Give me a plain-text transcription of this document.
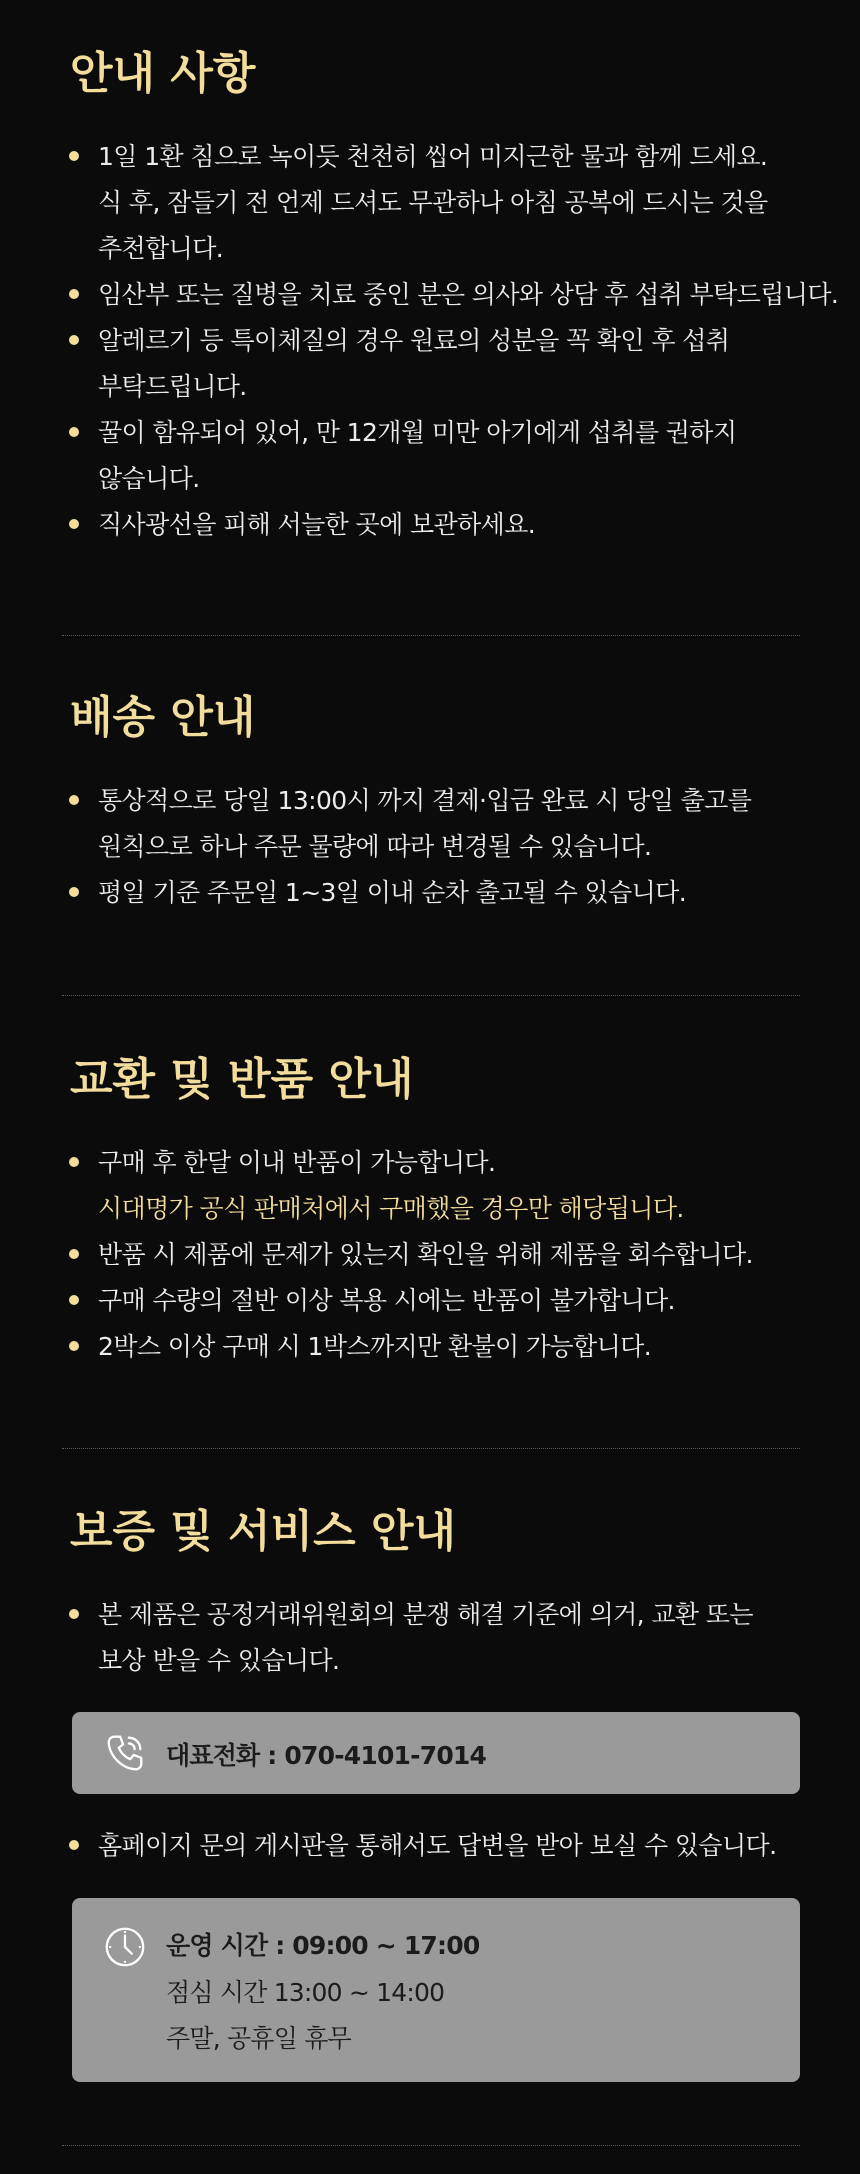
안내 사항
1일 1환 침으로 녹이듯 천천히 씹어 미지근한 물과 함께 드세요.
식 후, 잠들기 전 언제 드셔도 무관하나 아침 공복에 드시는 것을
추천합니다.
임산부 또는 질병을 치료 중인 분은 의사와 상담 후 섭취 부탁드립니다.
알레르기 등 특이체질의 경우 원료의 성분을 꼭 확인 후 섭취
부탁드립니다.
꿀이 함유되어 있어, 만 12개월 미만 아기에게 섭취를 권하지
않습니다.
직사광선을 피해 서늘한 곳에 보관하세요.
배송 안내
통상적으로 당일 13:00시 까지 결제·입금 완료 시 당일 출고를
원칙으로 하나 주문 물량에 따라 변경될 수 있습니다.
평일 기준 주문일 1~3일 이내 순차 출고될 수 있습니다.
교환 및 반품 안내
구매 후 한달 이내 반품이 가능합니다.
시대명가 공식 판매처에서 구매했을 경우만 해당됩니다.
반품 시 제품에 문제가 있는지 확인을 위해 제품을 회수합니다.
구매 수량의 절반 이상 복용 시에는 반품이 불가합니다.
2박스 이상 구매 시 1박스까지만 환불이 가능합니다.
보증 및 서비스 안내
본 제품은 공정거래위원회의 분쟁 해결 기준에 의거, 교환 또는
보상 받을 수 있습니다.
대표전화 : 070-4101-7014
홈페이지 문의 게시판을 통해서도 답변을 받아 보실 수 있습니다.
운영 시간 : 09:00 ~ 17:00
점심 시간 13:00 ~ 14:00
주말, 공휴일 휴무
